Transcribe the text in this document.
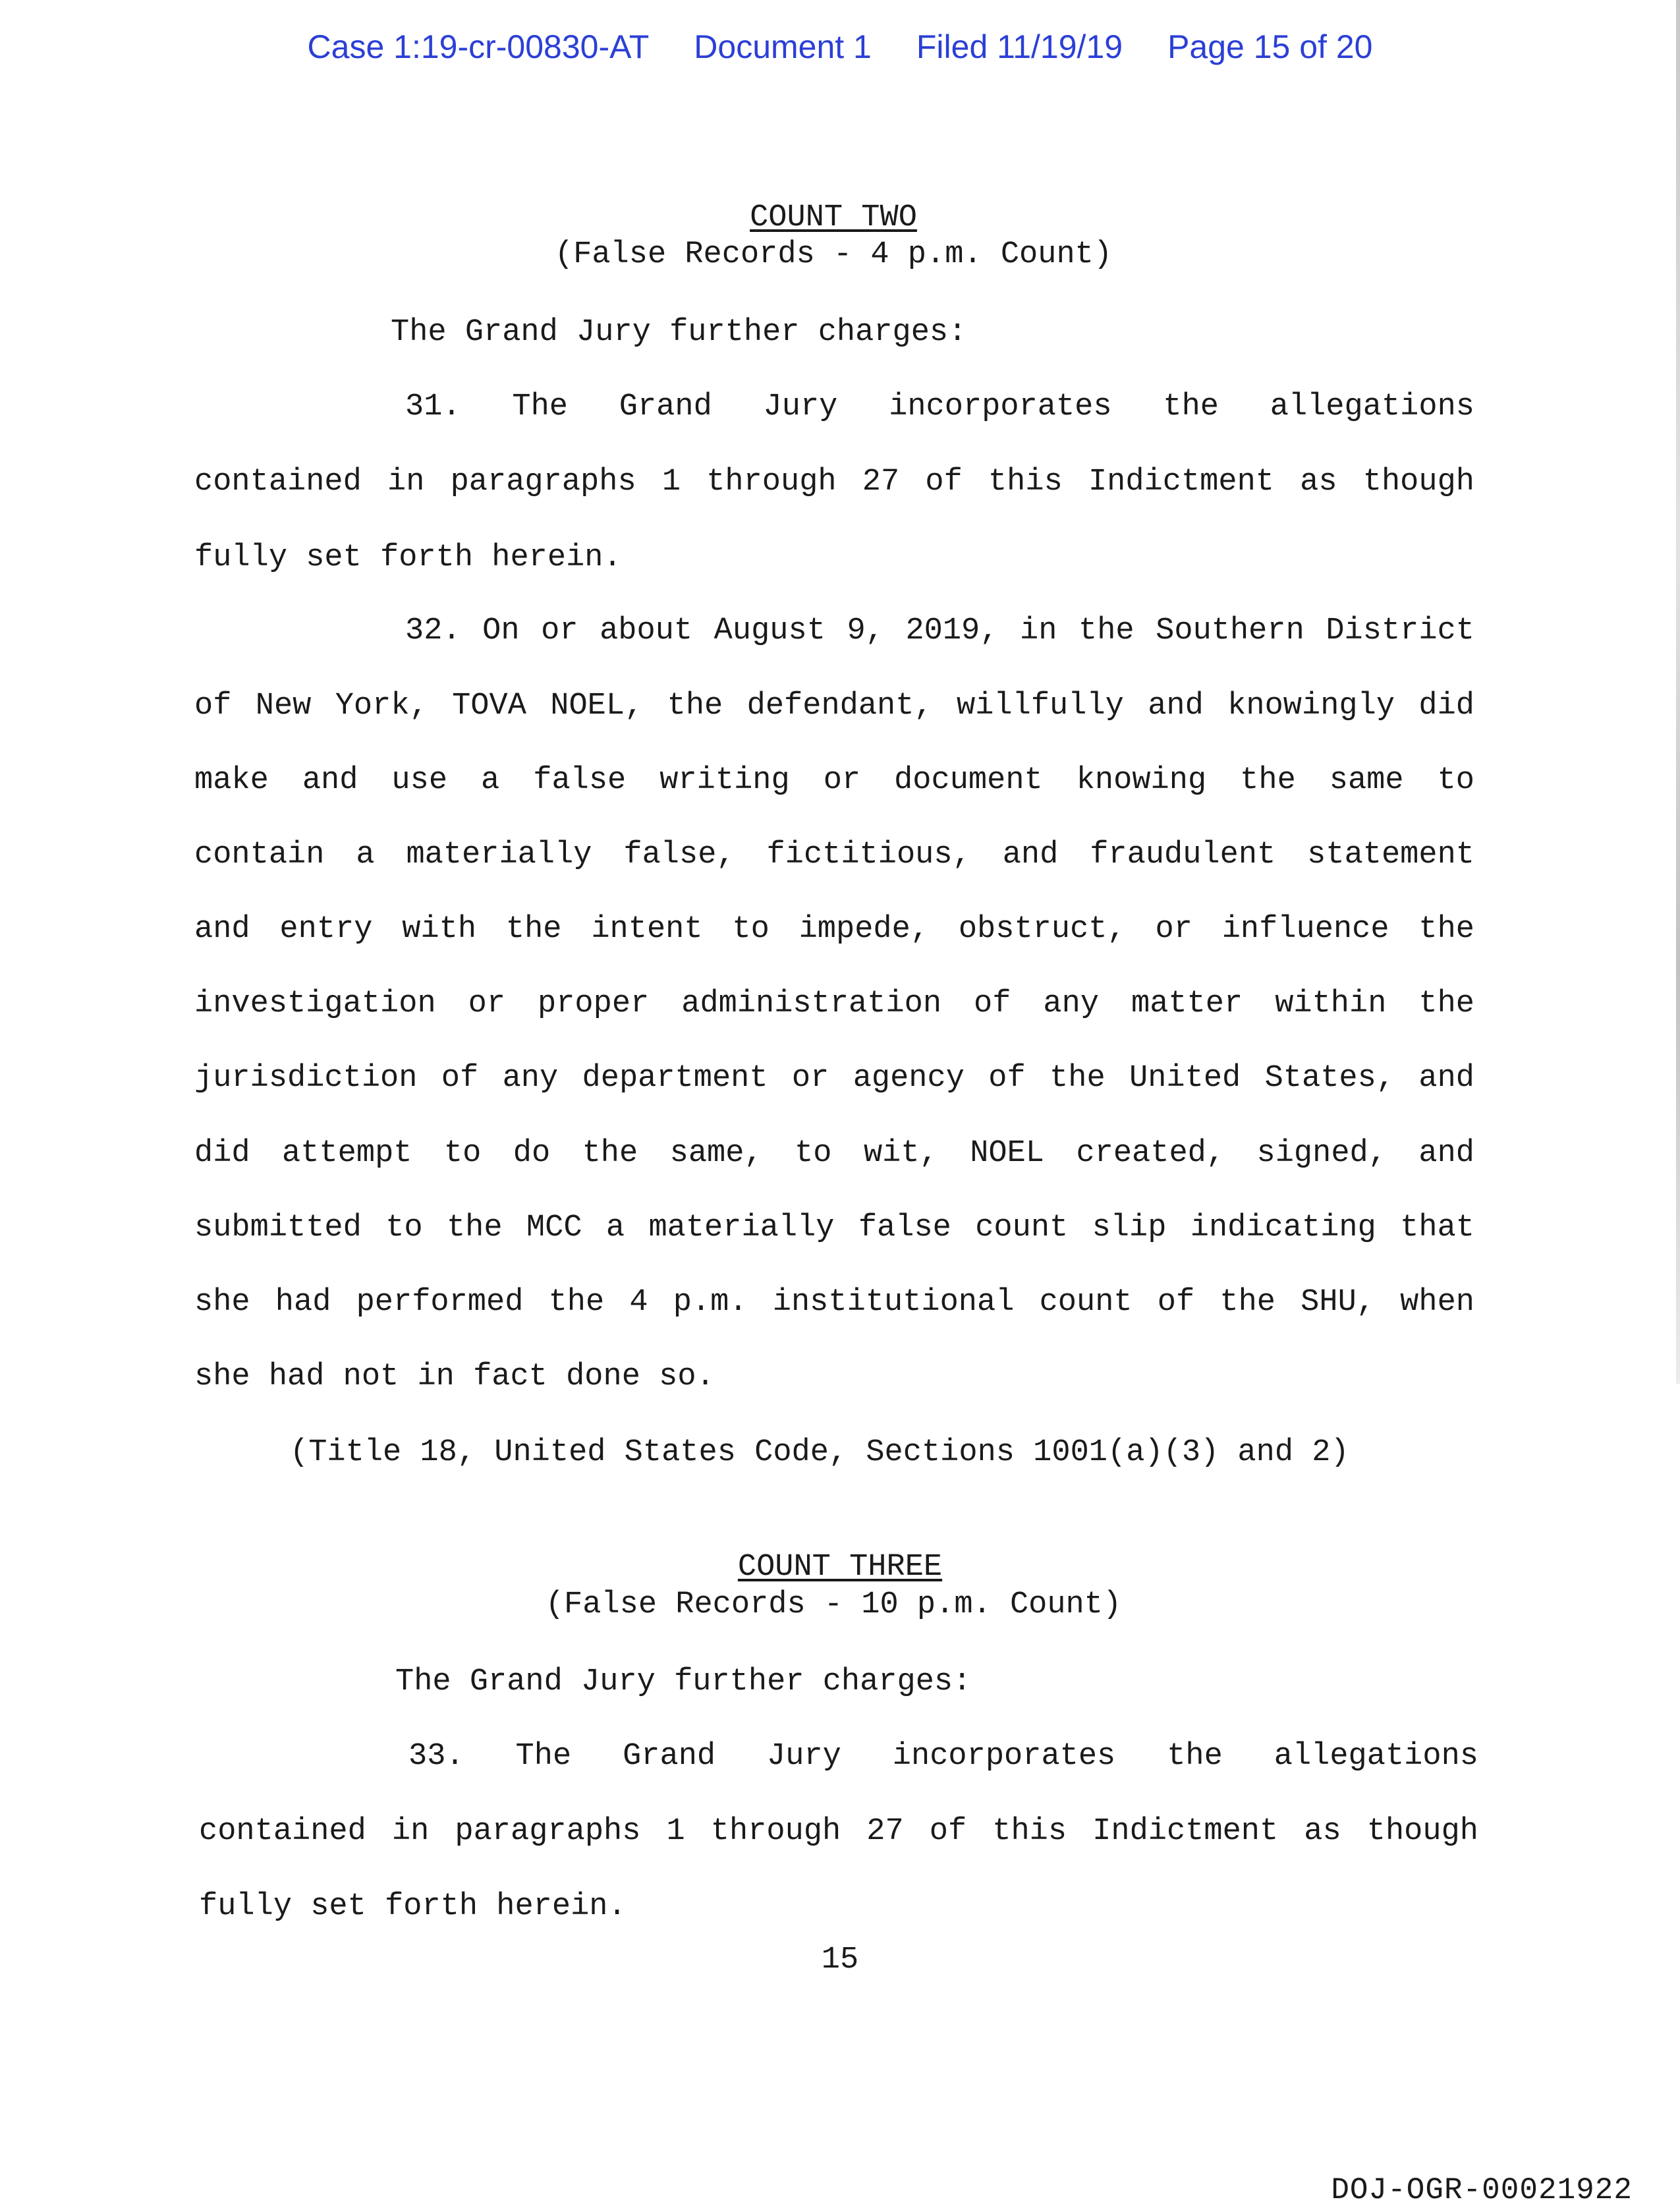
Case 1:19-cr-00830-AT Document 1 Filed 11/19/19 Page 15 of 20
COUNT TWO
(False Records - 4 p.m. Count)
The Grand Jury further charges:
31. The Grand Jury incorporates the allegations
contained in paragraphs 1 through 27 of this Indictment as though
fully set forth herein.
32. On or about August 9, 2019, in the Southern District
of New York, TOVA NOEL, the defendant, willfully and knowingly did
make and use a false writing or document knowing the same to
contain a materially false, fictitious, and fraudulent statement
and entry with the intent to impede, obstruct, or influence the
investigation or proper administration of any matter within the
jurisdiction of any department or agency of the United States, and
did attempt to do the same, to wit, NOEL created, signed, and
submitted to the MCC a materially false count slip indicating that
she had performed the 4 p.m. institutional count of the SHU, when
she had not in fact done so.
(Title 18, United States Code, Sections 1001(a)(3) and 2)
COUNT THREE
(False Records - 10 p.m. Count)
The Grand Jury further charges:
33. The Grand Jury incorporates the allegations
contained in paragraphs 1 through 27 of this Indictment as though
fully set forth herein.
15
DOJ-OGR-00021922
